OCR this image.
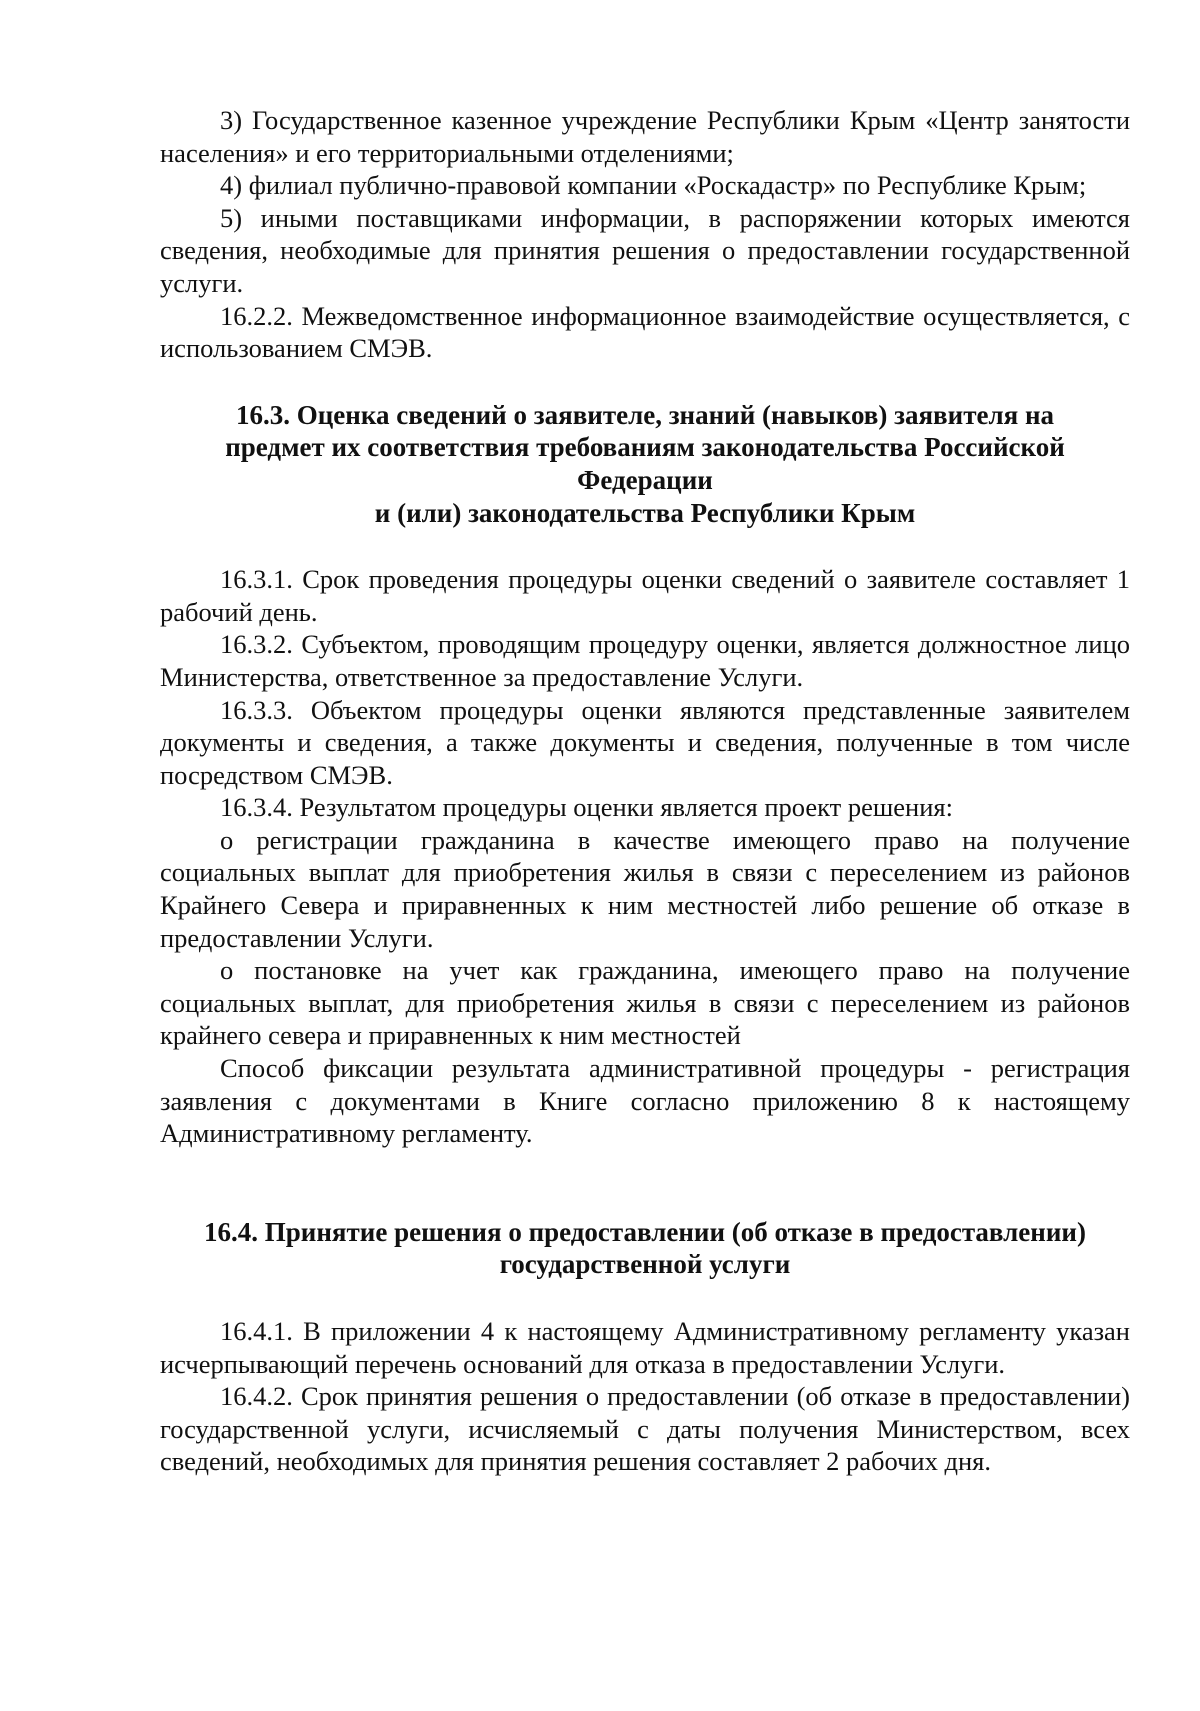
3) Государственное казенное учреждение Республики Крым «Центр занятости населения» и его территориальными отделениями;

4) филиал публично-правовой компании «Роскадастр» по Республике Крым;

5) иными поставщиками информации, в распоряжении которых имеются сведения, необходимые для принятия решения о предоставлении государственной услуги.

16.2.2. Межведомственное информационное взаимодействие осуществляется, с использованием СМЭВ.

16.3. Оценка сведений о заявителе, знаний (навыков) заявителя на
предмет их соответствия требованиям законодательства Российской
Федерации
и (или) законодательства Республики Крым

16.3.1. Срок проведения процедуры оценки сведений о заявителе составляет 1 рабочий день.

16.3.2. Субъектом, проводящим процедуру оценки, является должностное лицо Министерства, ответственное за предоставление Услуги.

16.3.3. Объектом процедуры оценки являются представленные заявителем документы и сведения, а также документы и сведения, полученные в том числе посредством СМЭВ.

16.3.4. Результатом процедуры оценки является проект решения:

о регистрации гражданина в качестве имеющего право на получение социальных выплат для приобретения жилья в связи с переселением из районов Крайнего Севера и приравненных к ним местностей либо решение об отказе в предоставлении Услуги.

о постановке на учет как гражданина, имеющего право на получение социальных выплат, для приобретения жилья в связи с переселением из районов крайнего севера и приравненных к ним местностей

Способ фиксации результата административной процедуры - регистрация заявления с документами в Книге согласно приложению 8 к настоящему Административному регламенту.

16.4. Принятие решения о предоставлении (об отказе в предоставлении)
государственной услуги

16.4.1. В приложении 4 к настоящему Административному регламенту указан исчерпывающий перечень оснований для отказа в предоставлении Услуги.

16.4.2. Срок принятия решения о предоставлении (об отказе в предоставлении) государственной услуги, исчисляемый с даты получения Министерством, всех сведений, необходимых для принятия решения составляет 2 рабочих дня.
